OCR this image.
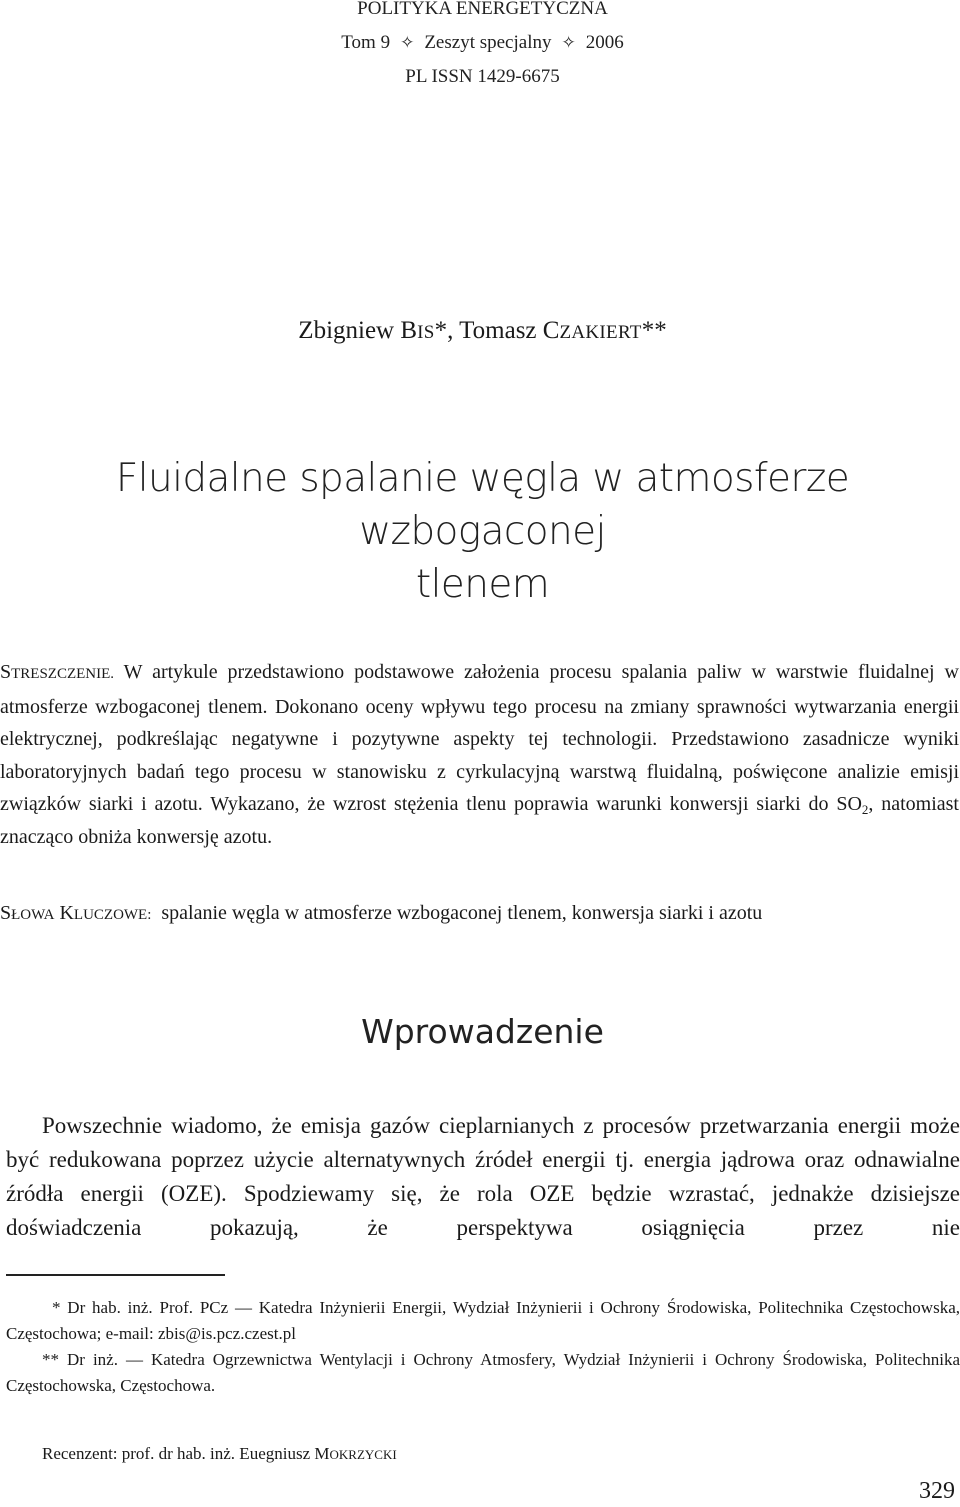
POLITYKA ENERGETYCZNA
Tom 9 ✧ Zeszyt specjalny ✧ 2006
PL ISSN 1429-6675
Zbigniew BIS*, Tomasz CZAKIERT**
Fluidalne spalanie węgla w atmosferze wzbogaconej
tlenem
STRESZCZENIE. W artykule przedstawiono podstawowe założenia procesu spalania paliw w warstwie fluidalnej w atmosferze wzbogaconej tlenem. Dokonano oceny wpływu tego procesu na zmiany sprawności wytwarzania energii elektrycznej, podkreślając negatywne i pozytywne aspekty tej technologii. Przedstawiono zasadnicze wyniki laboratoryjnych badań tego procesu w stanowisku z cyrkulacyjną warstwą fluidalną, poświęcone analizie emisji związków siarki i azotu. Wykazano, że wzrost stężenia tlenu poprawia warunki konwersji siarki do $SO_2$, natomiast znacząco obniża konwersję azotu.
SŁOWA KLUCZOWE: spalanie węgla w atmosferze wzbogaconej tlenem, konwersja siarki i azotu
Wprowadzenie
Powszechnie wiadomo, że emisja gazów cieplarnianych z procesów przetwarzania energii może być redukowana poprzez użycie alternatywnych źródeł energii tj. energia jądrowa oraz odnawialne źródła energii (OZE). Spodziewamy się, że rola OZE będzie wzrastać, jednakże dzisiejsze doświadczenia pokazują, że perspektywa osiągnięcia przez nie

* Dr hab. inż. Prof. PCz — Katedra Inżynierii Energii, Wydział Inżynierii i Ochrony Środowiska, Politechnika Częstochowska, Częstochowa; e-mail: zbis@is.pcz.czest.pl

** Dr inż. — Katedra Ogrzewnictwa Wentylacji i Ochrony Atmosfery, Wydział Inżynierii i Ochrony Środowiska, Politechnika Częstochowska, Częstochowa.

Recenzent: prof. dr hab. inż. Euegniusz MOKRZYCKI
329
